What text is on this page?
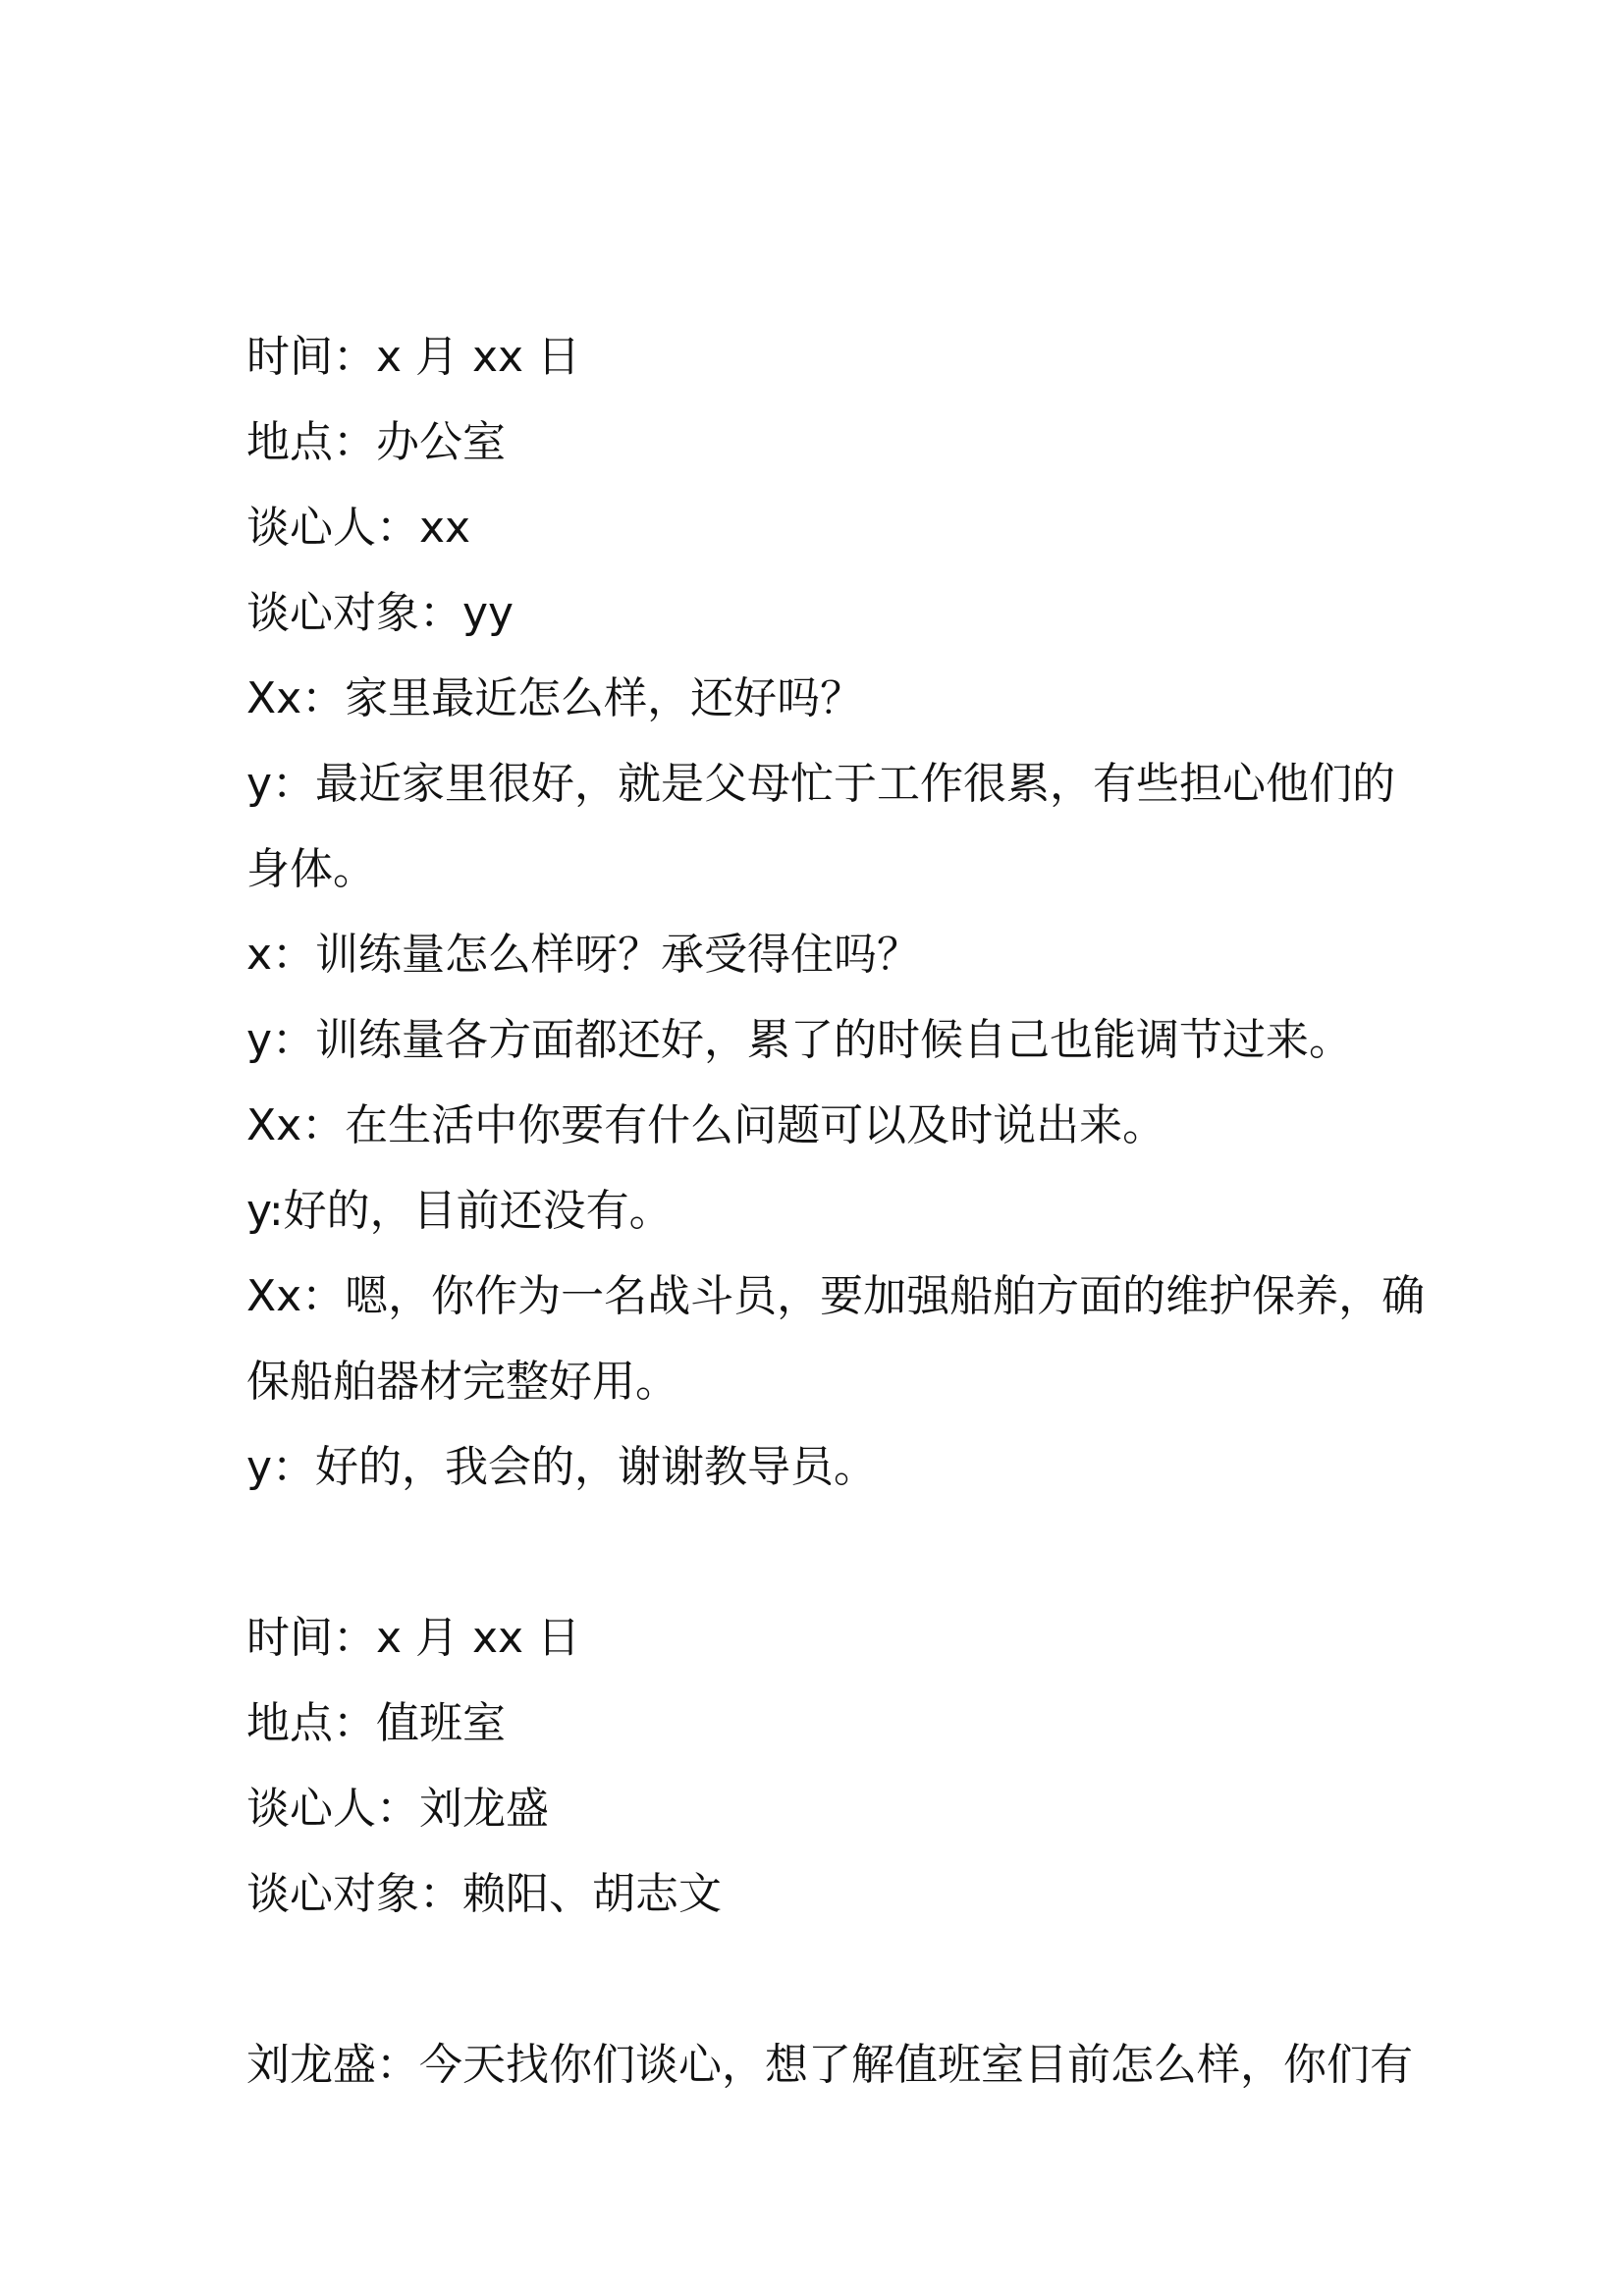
时间：x 月 xx 日
地点：办公室
谈心人：xx
谈心对象：yy
Xx：家里最近怎么样，还好吗？
y：最近家里很好，就是父母忙于工作很累，有些担心他们的
身体。
x：训练量怎么样呀？承受得住吗？
y：训练量各方面都还好，累了的时候自己也能调节过来。
Xx：在生活中你要有什么问题可以及时说出来。
y:好的，目前还没有。
Xx：嗯，你作为一名战斗员，要加强船舶方面的维护保养，确
保船舶器材完整好用。
y：好的，我会的，谢谢教导员。
时间：x 月 xx 日
地点：值班室
谈心人：刘龙盛
谈心对象：赖阳、胡志文
刘龙盛：今天找你们谈心，想了解值班室目前怎么样，你们有
